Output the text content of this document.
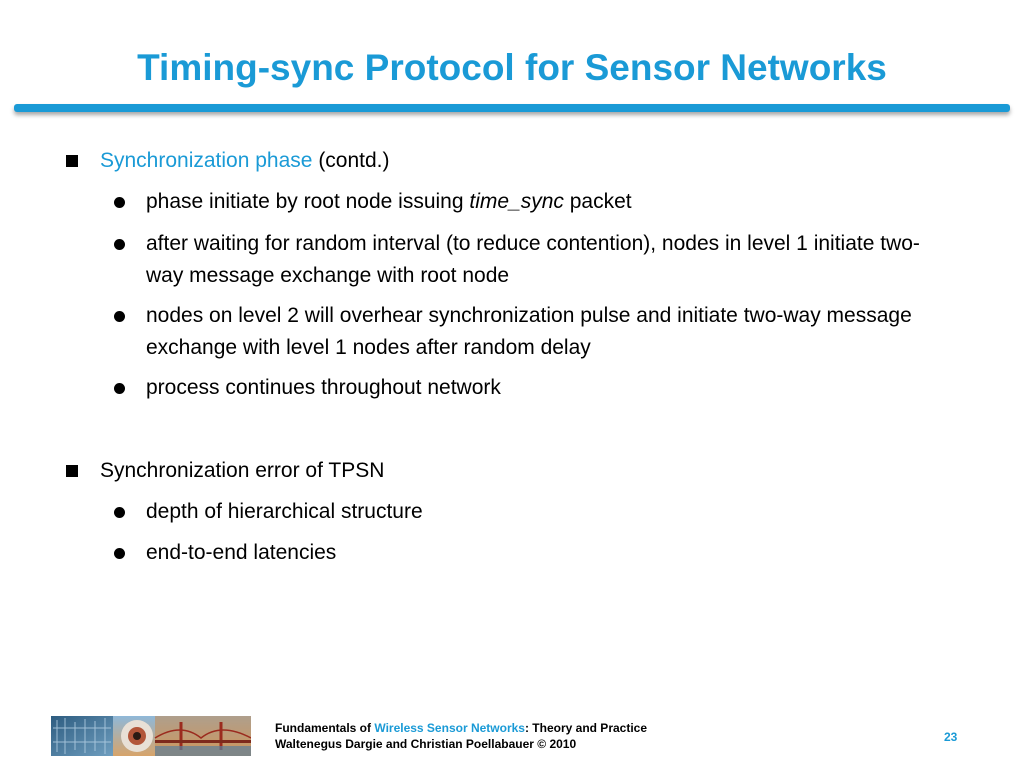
Timing-sync Protocol for Sensor Networks
Synchronization phase (contd.)
phase initiate by root node issuing time_sync packet
after waiting for random interval (to reduce contention), nodes in level 1 initiate two-way message exchange with root node
nodes on level 2 will overhear synchronization pulse and initiate two-way message exchange with level 1 nodes after random delay
process continues throughout network
Synchronization error of TPSN
depth of hierarchical structure
end-to-end latencies
Fundamentals of Wireless Sensor Networks: Theory and Practice
Waltenegus Dargie and Christian Poellabauer © 2010	23
